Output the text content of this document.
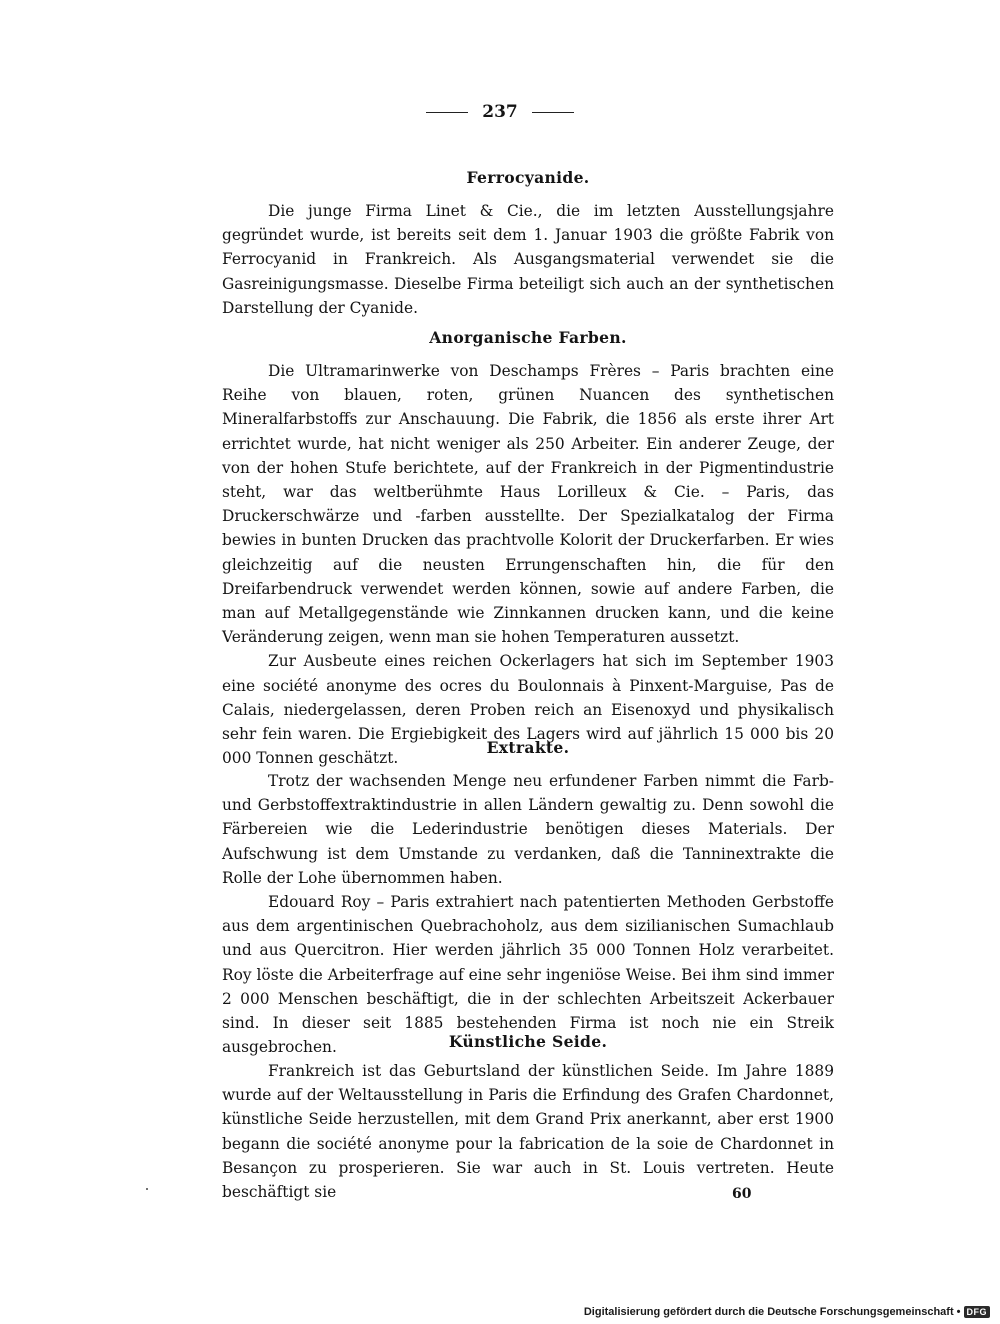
237
Ferrocyanide.

Die junge Firma Linet & Cie., die im letzten Ausstellungsjahre gegründet wurde, ist bereits seit dem 1. Januar 1903 die größte Fabrik von Ferrocyanid in Frankreich. Als Ausgangsmaterial verwendet sie die Gasreinigungsmasse. Dieselbe Firma beteiligt sich auch an der synthetischen Darstellung der Cyanide.

Anorganische Farben.

Die Ultramarinwerke von Deschamps Frères – Paris brachten eine Reihe von blauen, roten, grünen Nuancen des synthetischen Mineralfarbstoffs zur Anschauung. Die Fabrik, die 1856 als erste ihrer Art errichtet wurde, hat nicht weniger als 250 Arbeiter. Ein anderer Zeuge, der von der hohen Stufe berichtete, auf der Frankreich in der Pigmentindustrie steht, war das weltberühmte Haus Lorilleux & Cie. – Paris, das Druckerschwärze und -farben ausstellte. Der Spezialkatalog der Firma bewies in bunten Drucken das prachtvolle Kolorit der Druckerfarben. Er wies gleichzeitig auf die neusten Errungenschaften hin, die für den Dreifarbendruck verwendet werden können, sowie auf andere Farben, die man auf Metallgegenstände wie Zinnkannen drucken kann, und die keine Veränderung zeigen, wenn man sie hohen Temperaturen aussetzt.

Zur Ausbeute eines reichen Ockerlagers hat sich im September 1903 eine société anonyme des ocres du Boulonnais à Pinxent-Marguise, Pas de Calais, niedergelassen, deren Proben reich an Eisenoxyd und physikalisch sehr fein waren. Die Ergiebigkeit des Lagers wird auf jährlich 15 000 bis 20 000 Tonnen geschätzt.

Extrakte.

Trotz der wachsenden Menge neu erfundener Farben nimmt die Farb- und Gerbstoffextraktindustrie in allen Ländern gewaltig zu. Denn sowohl die Färbereien wie die Lederindustrie benötigen dieses Materials. Der Aufschwung ist dem Umstande zu verdanken, daß die Tanninextrakte die Rolle der Lohe übernommen haben.

Edouard Roy – Paris extrahiert nach patentierten Methoden Gerbstoffe aus dem argentinischen Quebrachoholz, aus dem sizilianischen Sumachlaub und aus Quercitron. Hier werden jährlich 35 000 Tonnen Holz verarbeitet. Roy löste die Arbeiterfrage auf eine sehr ingeniöse Weise. Bei ihm sind immer 2 000 Menschen beschäftigt, die in der schlechten Arbeitszeit Ackerbauer sind. In dieser seit 1885 bestehenden Firma ist noch nie ein Streik ausgebrochen.	Künstliche Seide.

Frankreich ist das Geburtsland der künstlichen Seide. Im Jahre 1889 wurde auf der Weltausstellung in Paris die Erfindung des Grafen Chardonnet, künstliche Seide herzustellen, mit dem Grand Prix anerkannt, aber erst 1900 begann die société anonyme pour la fabrication de la soie de Chardonnet in Besançon zu prosperieren. Sie war auch in St. Louis vertreten. Heute beschäftigt sie	60
Digitalisierung gefördert durch die Deutsche Forschungsgemeinschaft • DFG
